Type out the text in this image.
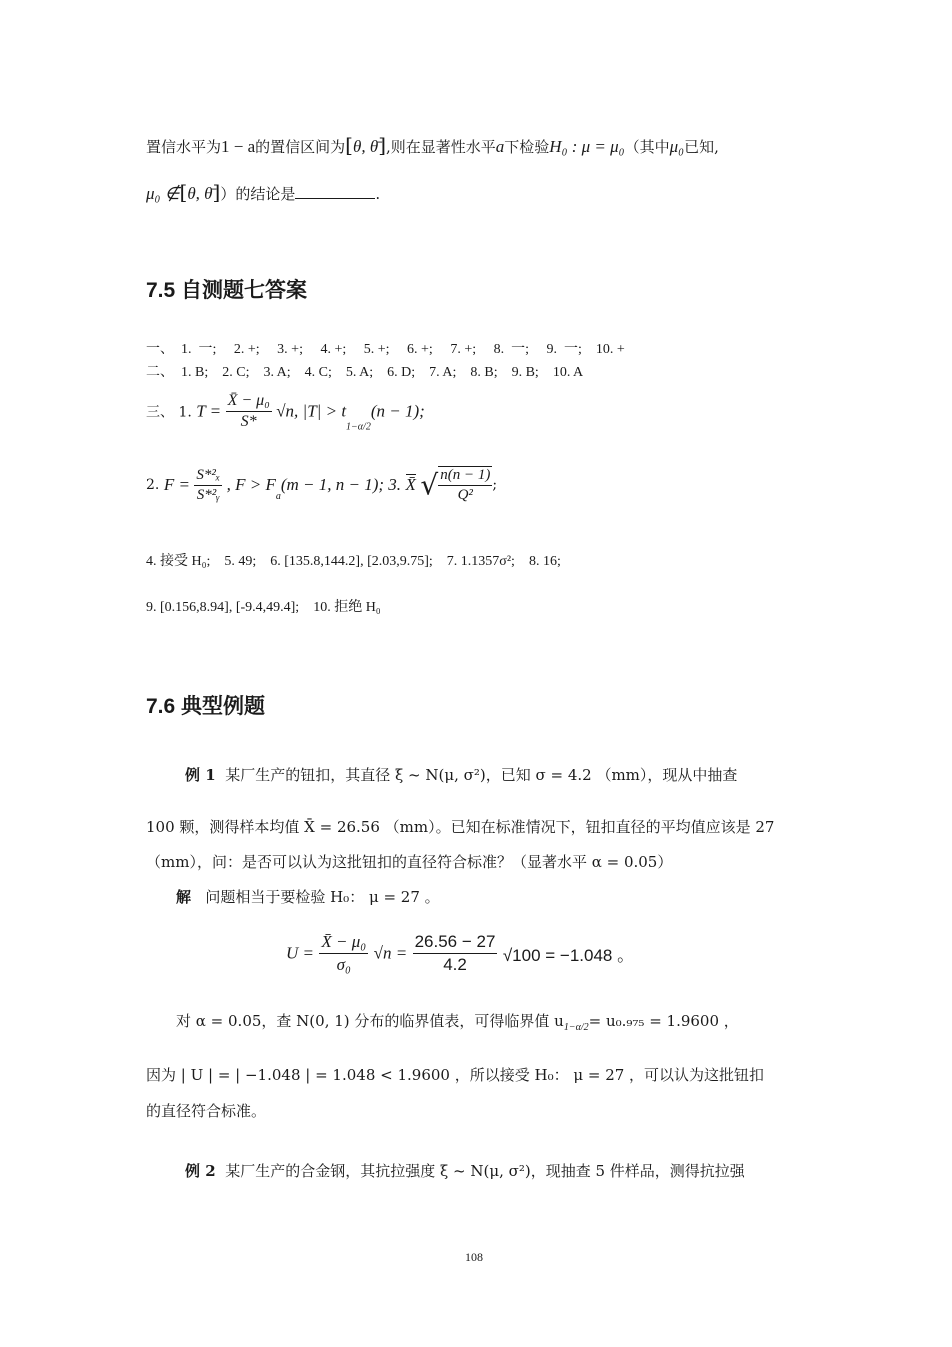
置信水平为1 − a的置信区间为[θ, θ̄],则在显著性水平a下检验H₀ : μ = μ₀（其中μ₀已知,
μ₀ ∉[θ, θ̄]）的结论是	.
7.5 自测题七答案
一、  1.  一;     2. +;     3. +;     4. +;     5. +;     6. +;     7. +;     8.  一;     9.  一;    10. +
二、  1. B;    2. C;    3. A;    4. C;    5. A;    6. D;    7. A;    8. B;    9. B;    10. A
三、 1. $T = \frac{\text{X̄ − μ₀}}{S*} √n$, $|T| > t_{1-\alpha/2}(n - 1)$;
2. $F = \frac{\text{S*²ₓ}}{\text{S*²ᵧ}}$ , $F > F_a(m - 1$, n − 1); 3. X̄ √ $\frac{n(n - 1)}{\text{Q²}}$ ;
4. 接受 H₀;    5. 49;    6. [135.8,144.2], [2.03,9.75];    7. 1.1357σ²;    8. 16;
9. [0.156,8.94], [-9.4,49.4];    10. 拒绝 H₀
7.6 典型例题
例 1 某厂生产的钮扣，其直径 ξ ~ N(μ, σ²)，已知 σ = 4.2 （mm），现从中抽查
100 颗，测得样本均值 X̄ = 26.56 （mm）。已知在标准情况下，钮扣直径的平均值应该是 27
（mm），问：是否可以认为这批钮扣的直径符合标准？（显著水平 α = 0.05）
解 问题相当于要检验 H₀： μ = 27 。
$U = \frac{\text{X̄ − μ₀}}{\text{σ₀}} √n = \frac{26.56 - 27}{4.2} √100 = -1.048$ 。
对 α = 0.05，查 N(0, 1) 分布的临界值表，可得临界值 $u_{1-\alpha/2}= u_0._{975} = 1.9600$ ，
因为 | U | = | −1.048 | = 1.048 < 1.9600 ，所以接受 H₀： μ = 27 ，可以认为这批钮扣
的直径符合标准。
例 2 某厂生产的合金钢，其抗拉强度 ξ ~ N(μ, σ²)，现抽查 5 件样品，测得抗拉强
108
